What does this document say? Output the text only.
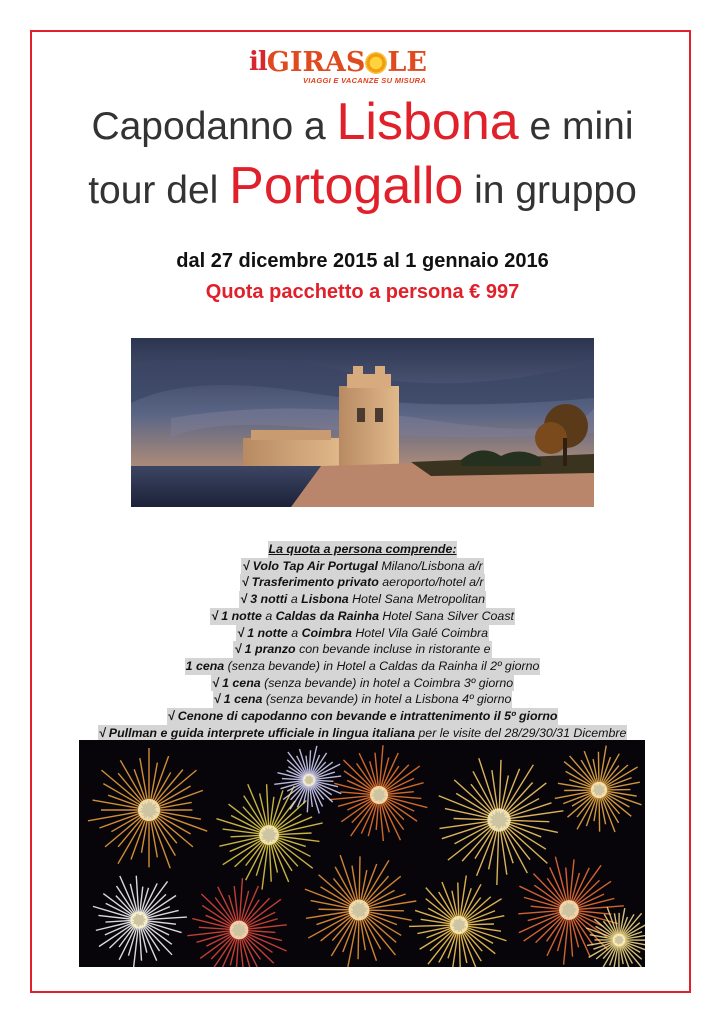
il GIRAS LE
VIAGGI E VACANZE SU MISURA
Capodanno a Lisbona e mini
tour del Portogallo in gruppo
dal 27 dicembre 2015 al 1 gennaio 2016
Quota pacchetto a persona € 997
La quota a persona comprende:
√ Volo Tap Air Portugal Milano/Lisbona a/r
√ Trasferimento privato aeroporto/hotel a/r
√ 3 notti a Lisbona Hotel Sana Metropolitan
√ 1 notte a Caldas da Rainha Hotel Sana Silver Coast
√ 1 notte a Coimbra Hotel Vila Galé Coimbra
√ 1 pranzo con bevande incluse in ristorante e
1 cena (senza bevande) in Hotel a Caldas da Rainha il 2º giorno
√ 1 cena (senza bevande) in hotel a Coimbra 3º giorno
√ 1 cena (senza bevande) in hotel a Lisbona 4º giorno
√ Cenone di capodanno con bevande e intrattenimento il 5º giorno
√ Pullman e guida interprete ufficiale in lingua italiana per le visite del 28/29/30/31 Dicembre
